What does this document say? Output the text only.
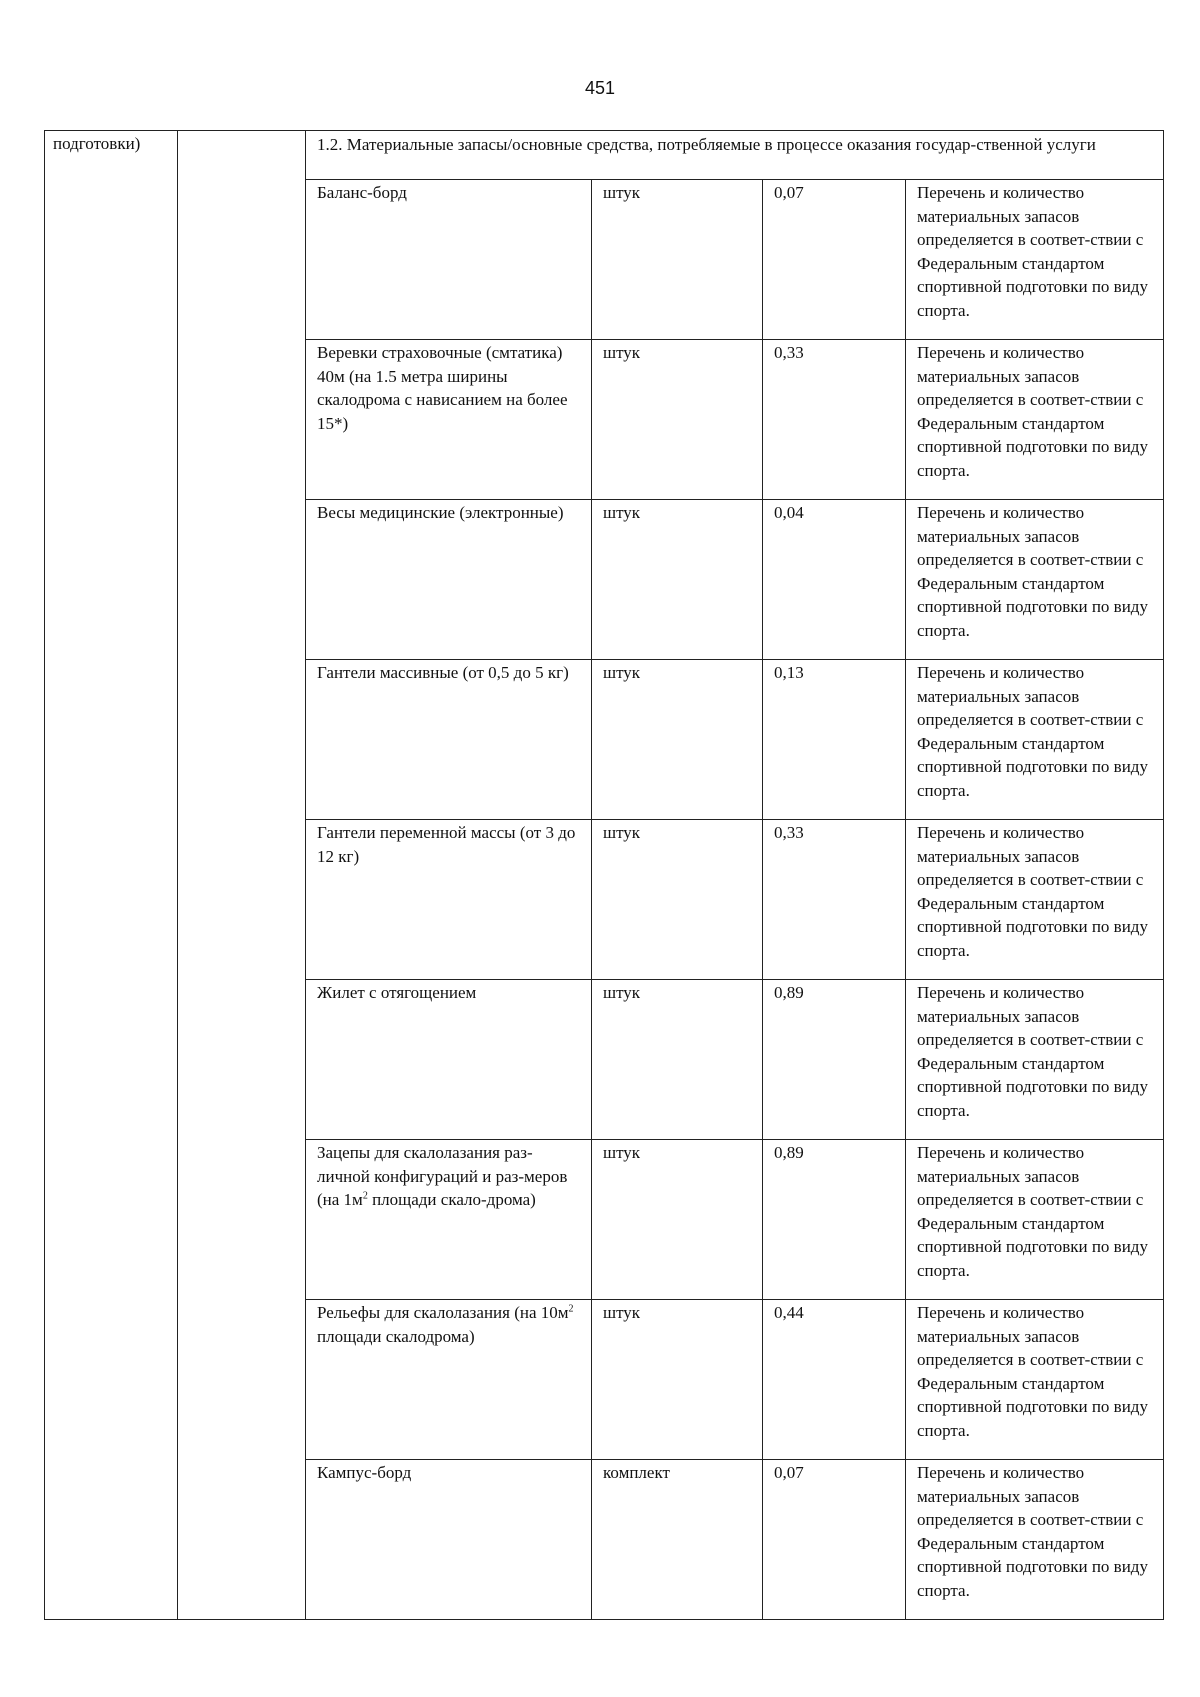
451
подготовки)		1.2. Материальные запасы/основные средства, потребляемые в процессе оказания государ-ственной услуги			
		Баланс-борд	штук	0,07	Перечень и количество материальных запасов определяется в соответ-ствии с Федеральным стандартом спортивной подготовки по виду спорта.
		Веревки страховочные (смтатика) 40м (на 1.5 метра ширины скалодрома с нависанием на более 15*)	штук	0,33	Перечень и количество материальных запасов определяется в соответ-ствии с Федеральным стандартом спортивной подготовки по виду спорта.
		Весы медицинские (электронные)	штук	0,04	Перечень и количество материальных запасов определяется в соответ-ствии с Федеральным стандартом спортивной подготовки по виду спорта.
		Гантели массивные (от 0,5 до 5 кг)	штук	0,13	Перечень и количество материальных запасов определяется в соответ-ствии с Федеральным стандартом спортивной подготовки по виду спорта.
		Гантели переменной массы (от 3 до 12 кг)	штук	0,33	Перечень и количество материальных запасов определяется в соответ-ствии с Федеральным стандартом спортивной подготовки по виду спорта.
		Жилет с отягощением	штук	0,89	Перечень и количество материальных запасов определяется в соответ-ствии с Федеральным стандартом спортивной подготовки по виду спорта.
		Зацепы для скалолазания раз-личной конфигураций и раз-меров (на $1м^2$ площади скало-дрома)	штук	0,89	Перечень и количество материальных запасов определяется в соответ-ствии с Федеральным стандартом спортивной подготовки по виду спорта.
		Рельефы для скалолазания (на $10м^2$ площади скалодрома)	штук	0,44	Перечень и количество материальных запасов определяется в соответ-ствии с Федеральным стандартом спортивной подготовки по виду спорта.
		Кампус-борд	комплект	0,07	Перечень и количество материальных запасов определяется в соответ-ствии с Федеральным стандартом спортивной подготовки по виду спорта.
